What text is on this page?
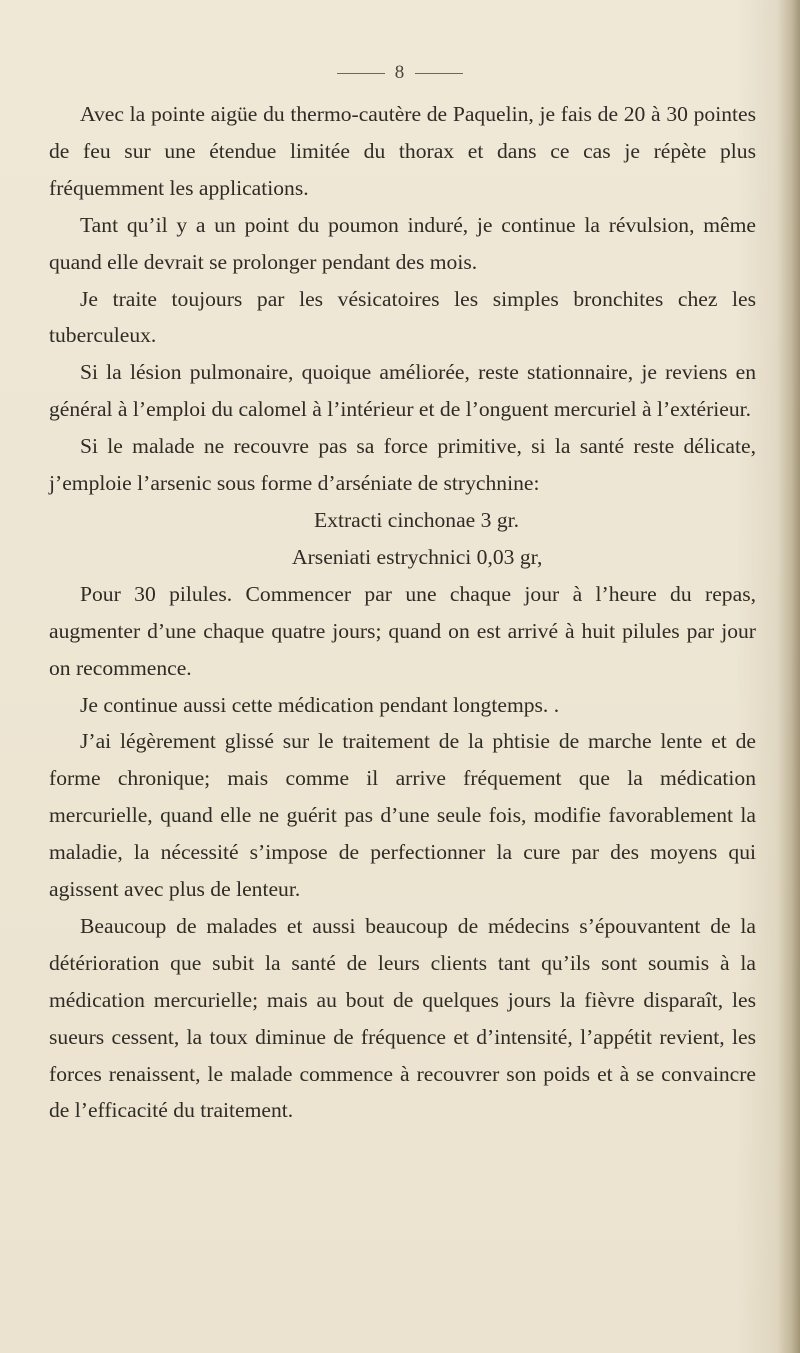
8

Avec la pointe aigüe du thermo-cautère de Paquelin, je fais de 20 à 30 pointes de feu sur une étendue limitée du thorax et dans ce cas je répète plus fréquemment les applications.

Tant qu’il y a un point du poumon induré, je continue la révulsion, même quand elle devrait se prolonger pendant des mois.

Je traite toujours par les vésicatoires les simples bronchites chez les tuberculeux.

Si la lésion pulmonaire, quoique améliorée, reste stationnaire, je reviens en général à l’emploi du calomel à l’intérieur et de l’onguent mercuriel à l’extérieur.

Si le malade ne recouvre pas sa force primitive, si la santé reste délicate, j’emploie l’arsenic sous forme d’arséniate de strychnine:

Extracti cinchonae 3 gr.

Arseniati estrychnici 0,03 gr,

Pour 30 pilules. Commencer par une chaque jour à l’heure du repas, augmenter d’une chaque quatre jours; quand on est arrivé à huit pilules par jour on recommence.

Je continue aussi cette médication pendant longtemps. .

J’ai légèrement glissé sur le traitement de la phtisie de marche lente et de forme chronique; mais comme il arrive fréquement que la médication mercurielle, quand elle ne guérit pas d’une seule fois, modifie favorablement la maladie, la nécessité s’impose de perfectionner la cure par des moyens qui agissent avec plus de lenteur.

Beaucoup de malades et aussi beaucoup de médecins s’épouvantent de la détérioration que subit la santé de leurs clients tant qu’ils sont soumis à la médication mercurielle; mais au bout de quelques jours la fièvre disparaît, les sueurs cessent, la toux diminue de fréquence et d’intensité, l’appétit revient, les forces renaissent, le malade commence à recouvrer son poids et à se convaincre de l’efficacité du traitement.
